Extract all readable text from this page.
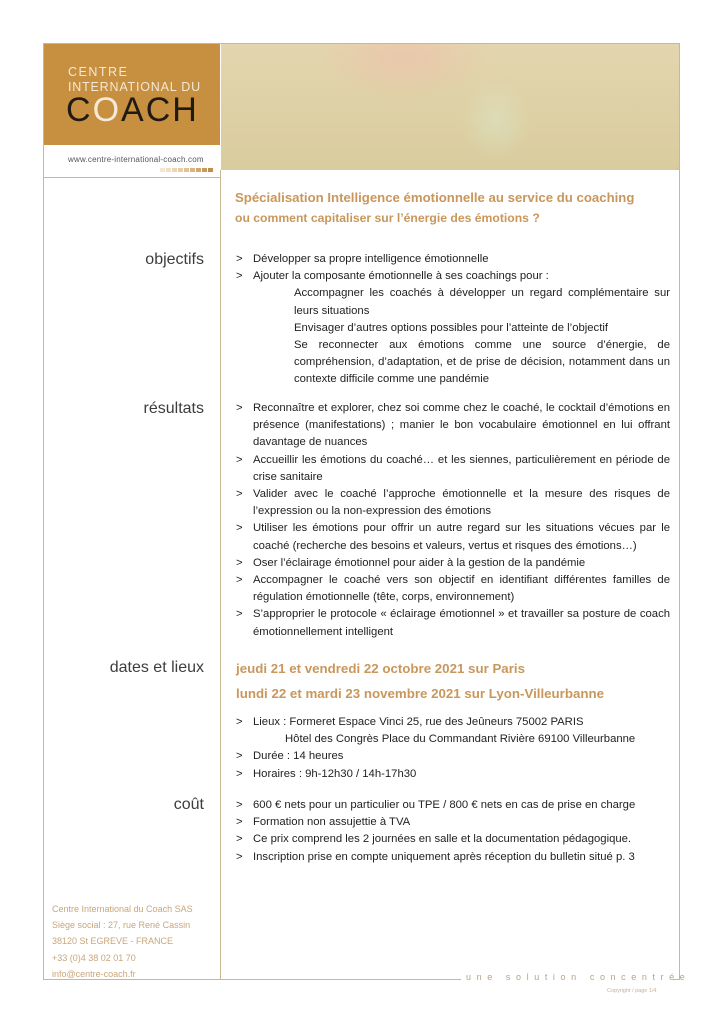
CENTRE
INTERNATIONAL DU
COACH
www.centre-international-coach.com
Spécialisation Intelligence émotionnelle au service du coaching
ou comment capitaliser sur l’énergie des émotions ?
objectifs	> Développer sa propre intelligence émotionnelle
> Ajouter la composante émotionnelle à ses coachings pour :
Accompagner les coachés à développer un regard complémentaire sur leurs situations
Envisager d’autres options possibles pour l’atteinte de l’objectif
Se reconnecter aux émotions comme une source d’énergie, de compréhension, d’adaptation, et de prise de décision, notamment dans un contexte difficile comme une pandémie
résultats	> Reconnaître et explorer, chez soi comme chez le coaché, le cocktail d’émotions en présence (manifestations) ; manier le bon vocabulaire émotionnel en lui offrant davantage de nuances
> Accueillir les émotions du coaché… et les siennes, particulièrement en période de crise sanitaire
> Valider avec le coaché l’approche émotionnelle et la mesure des risques de l’expression ou la non-expression des émotions
> Utiliser les émotions pour offrir un autre regard sur les situations vécues par le coaché (recherche des besoins et valeurs, vertus et risques des émotions…)
> Oser l’éclairage émotionnel pour aider à la gestion de la pandémie
> Accompagner le coaché vers son objectif en identifiant différentes familles de régulation émotionnelle (tête, corps, environnement)
> S’approprier le protocole « éclairage émotionnel » et travailler sa posture de coach émotionnellement intelligent
dates et lieux jeudi 21 et vendredi 22 octobre 2021 sur Paris
lundi 22 et mardi 23 novembre 2021 sur Lyon-Villeurbanne
> Lieux : Formeret Espace Vinci 25, rue des Jeûneurs 75002 PARIS
Hôtel des Congrès Place du Commandant Rivière 69100 Villeurbanne
> Durée : 14 heures
> Horaires : 9h-12h30 / 14h-17h30
coût	> 600 € nets pour un particulier ou TPE / 800 € nets en cas de prise en charge
> Formation non assujettie à TVA
> Ce prix comprend les 2 journées en salle et la documentation pédagogique.
> Inscription prise en compte uniquement après réception du bulletin situé p. 3
Centre International du Coach SAS
Siège social : 27, rue René Cassin
38120 St EGREVE - FRANCE
+33 (0)4 38 02 01 70
info@centre-coach.fr	une solution concentrée
Copyright / page 1/4
